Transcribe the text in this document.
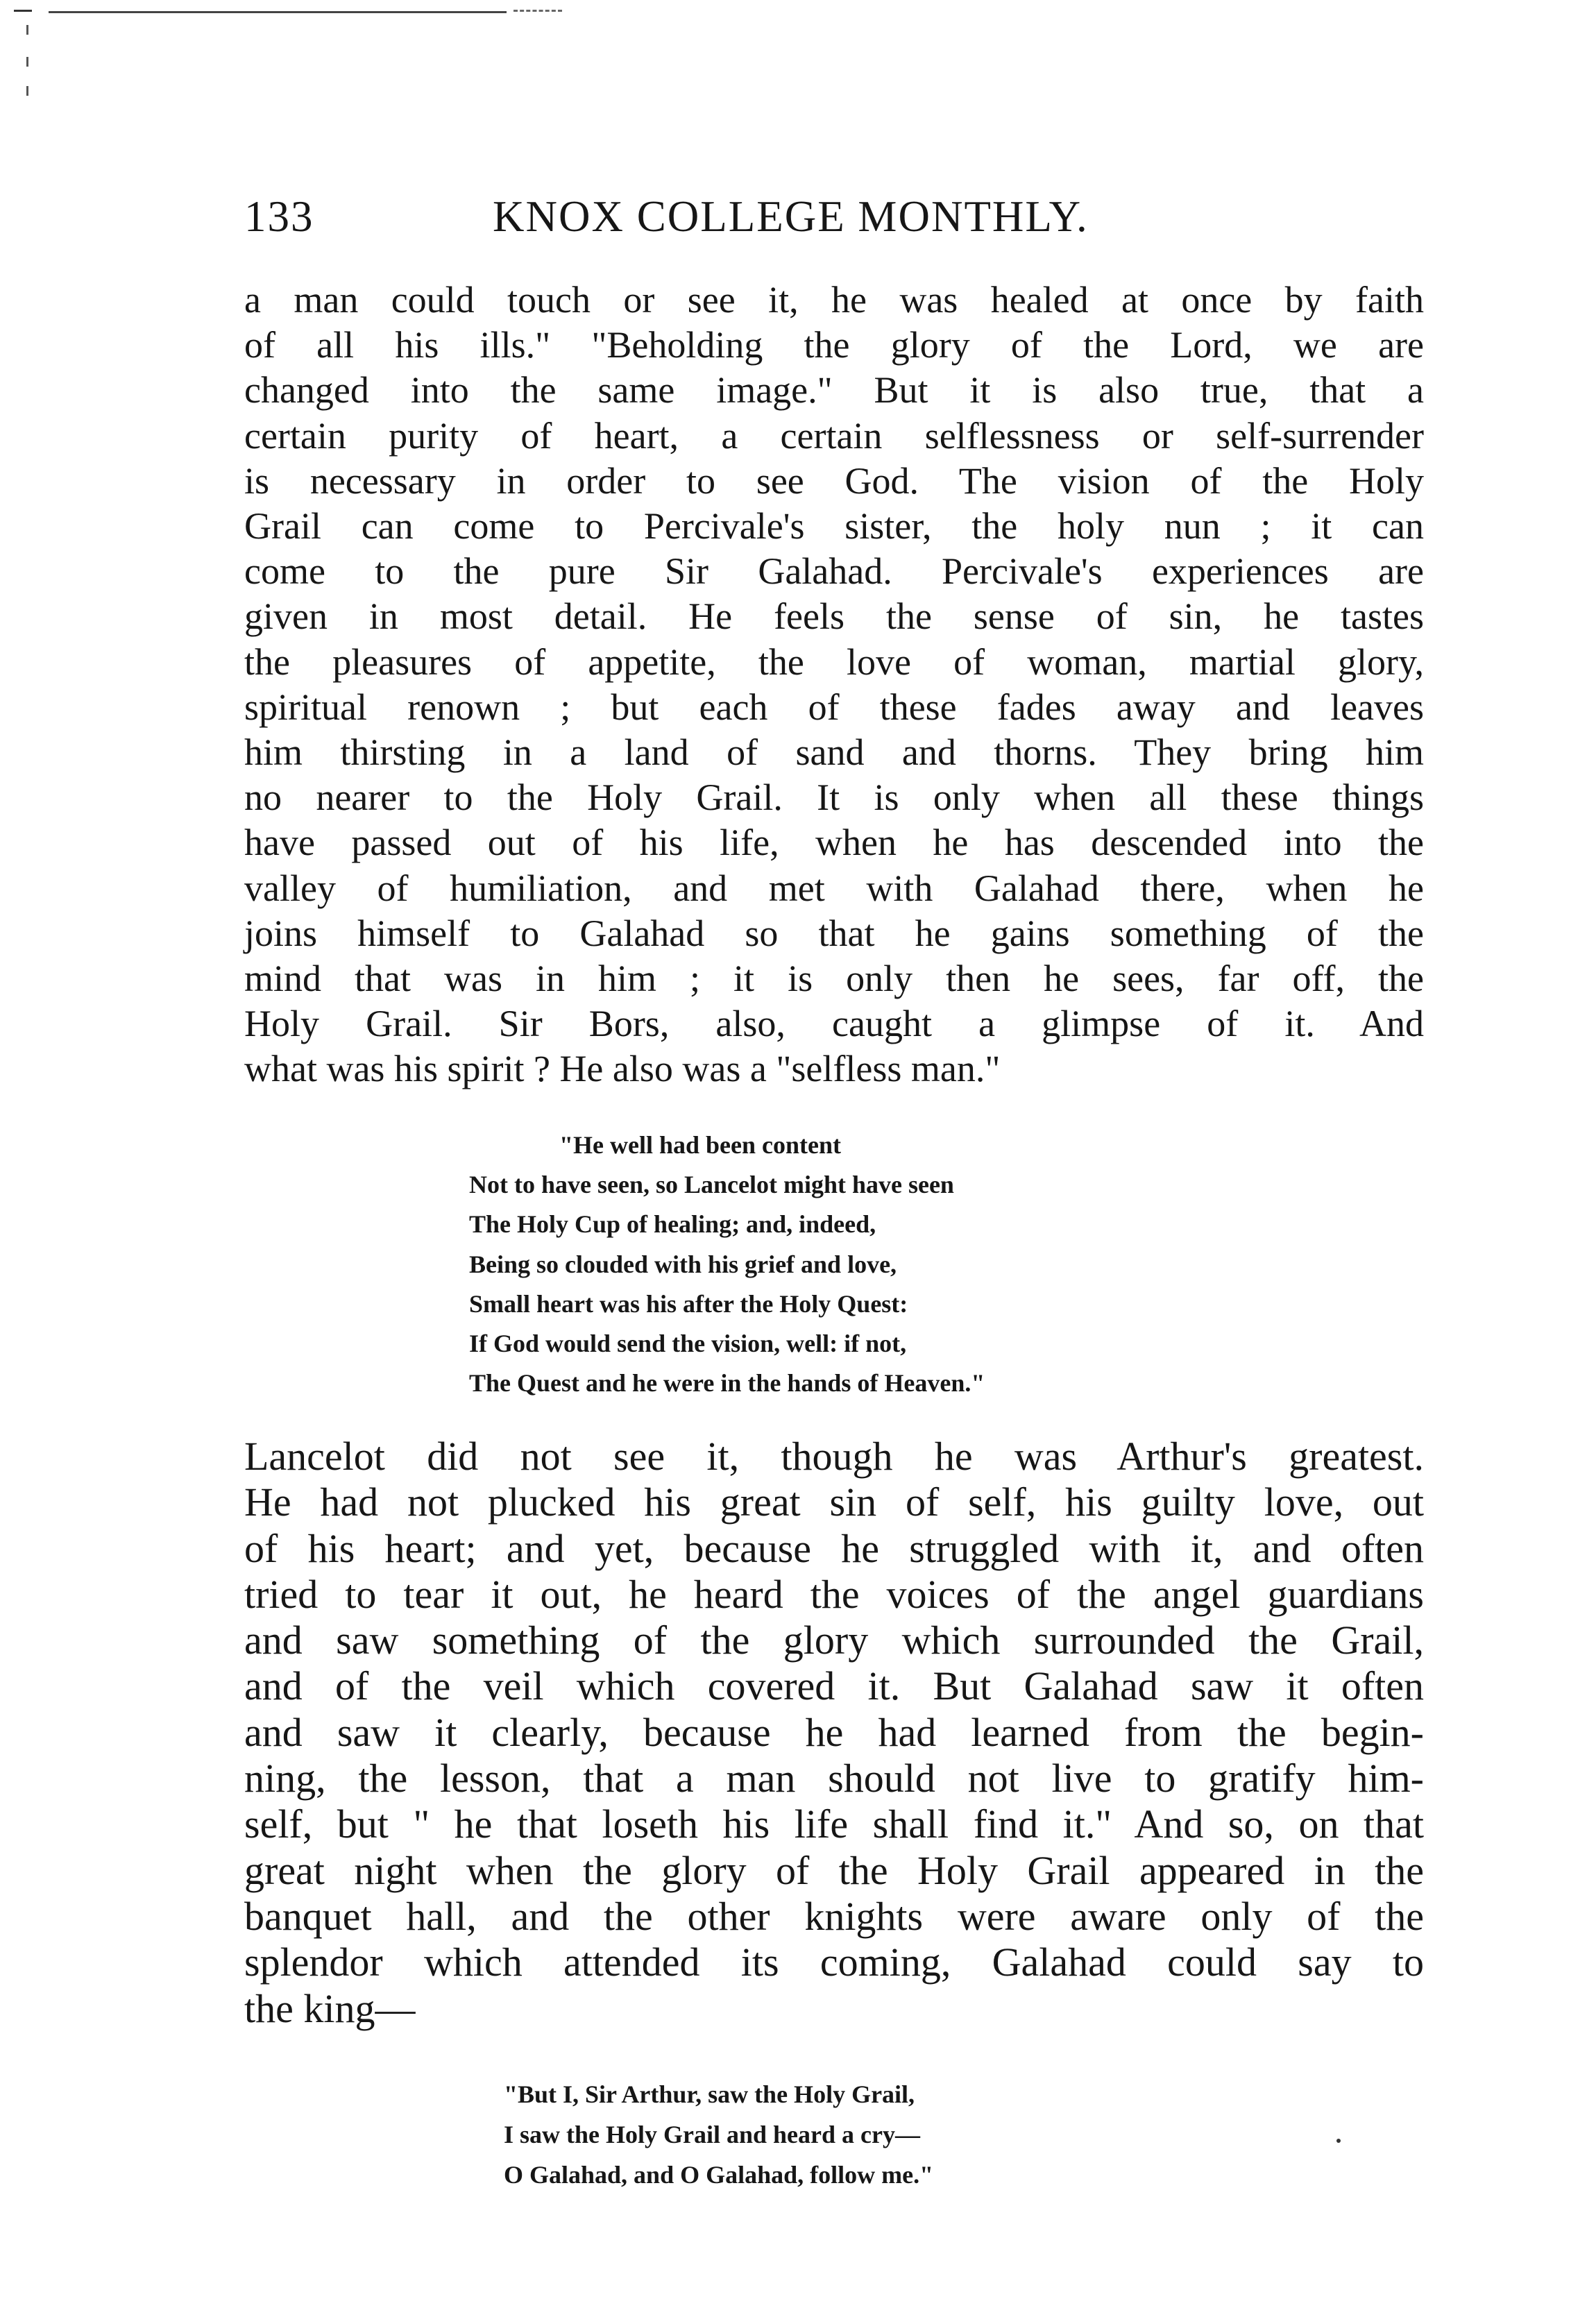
133	KNOX COLLEGE MONTHLY.
a man could touch or see it, he was healed at once by faith
of all his ills." "Beholding the glory of the Lord, we are
changed into the same image." But it is also true, that a
certain purity of heart, a certain selflessness or self-surrender
is necessary in order to see God. The vision of the Holy
Grail can come to Percivale's sister, the holy nun ; it can
come to the pure Sir Galahad. Percivale's experiences are
given in most detail. He feels the sense of sin, he tastes
the pleasures of appetite, the love of woman, martial glory,
spiritual renown ; but each of these fades away and leaves
him thirsting in a land of sand and thorns. They bring him
no nearer to the Holy Grail. It is only when all these things
have passed out of his life, when he has descended into the
valley of humiliation, and met with Galahad there, when he
joins himself to Galahad so that he gains something of the
mind that was in him ; it is only then he sees, far off, the
Holy Grail. Sir Bors, also, caught a glimpse of it. And
what was his spirit ? He also was a "selfless man."
"He well had been content
Not to have seen, so Lancelot might have seen
The Holy Cup of healing; and, indeed,
Being so clouded with his grief and love,
Small heart was his after the Holy Quest:
If God would send the vision, well: if not,
The Quest and he were in the hands of Heaven."
Lancelot did not see it, though he was Arthur's greatest.
He had not plucked his great sin of self, his guilty love, out
of his heart; and yet, because he struggled with it, and often
tried to tear it out, he heard the voices of the angel guardians
and saw something of the glory which surrounded the Grail,
and of the veil which covered it. But Galahad saw it often
and saw it clearly, because he had learned from the begin-
ning, the lesson, that a man should not live to gratify him-
self, but " he that loseth his life shall find it." And so, on that
great night when the glory of the Holy Grail appeared in the
banquet hall, and the other knights were aware only of the
splendor which attended its coming, Galahad could say to
the king—
"But I, Sir Arthur, saw the Holy Grail,
I saw the Holy Grail and heard a cry—
O Galahad, and O Galahad, follow me."
